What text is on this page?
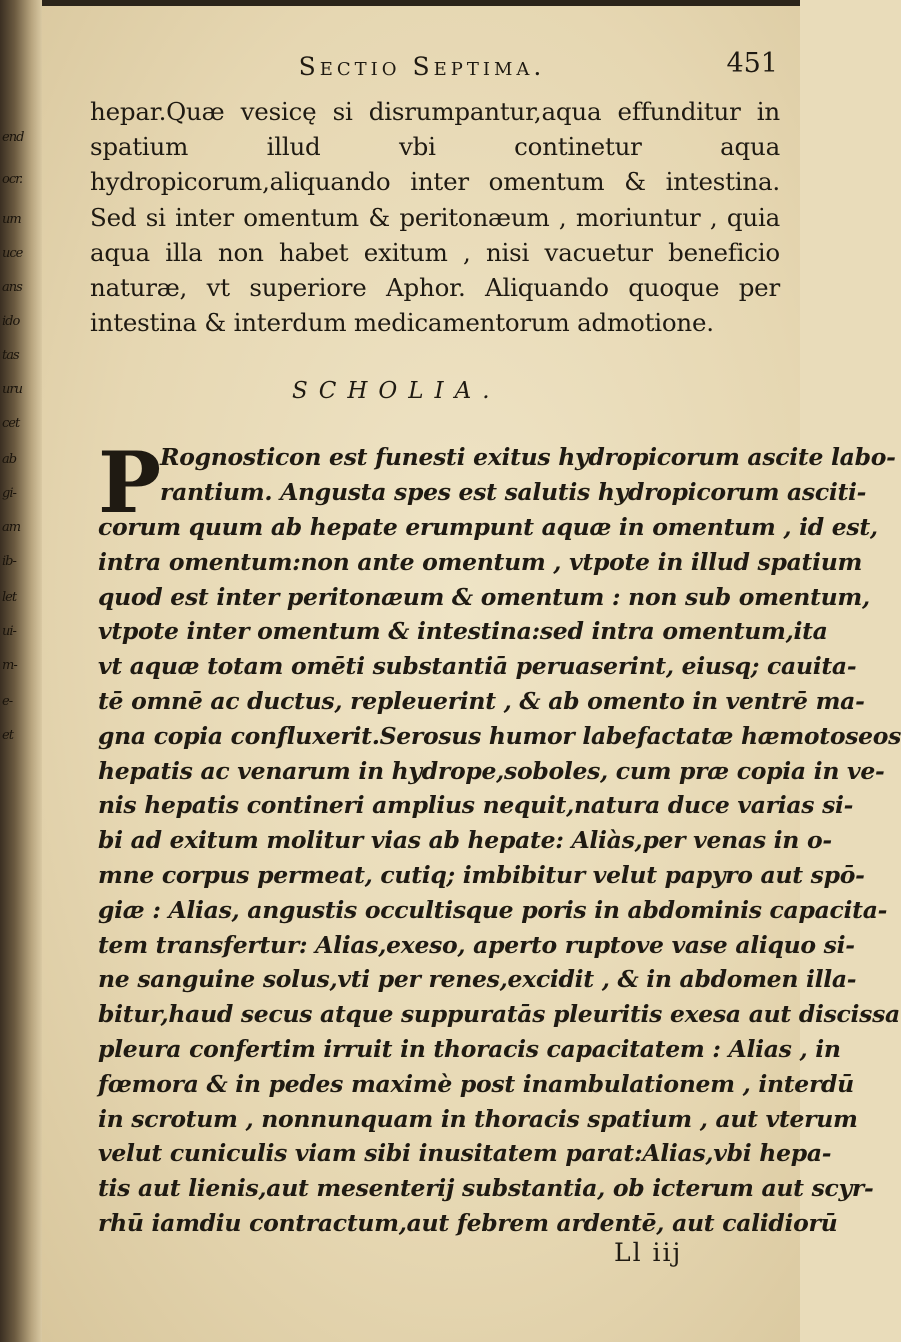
end
ocr.
um
uce
ans
ido
tas
uru
cet
ab
gi-
am
ib-
let
ui-
m-
e-
et
Sectio Septima.	451
hepar.Quæ vesicę si disrumpantur,aqua effunditur in spatium illud vbi continetur aqua hydropicorum,aliquando inter omentum & intestina. Sed si inter omentum & peritonæum , moriuntur , quia aqua illa non habet exitum , nisi vacuetur beneficio naturæ, vt superiore Aphor. Aliquando quoque per intestina & interdum medicamentorum admotione.
SCHOLIA.
P
Rognosticon est funesti exitus hydropicorum ascite labo-
rantium. Angusta spes est salutis hydropicorum asciti-
corum quum ab hepate erumpunt aquæ in omentum , id est,
intra omentum:non ante omentum , vtpote in illud spatium
quod est inter peritonæum & omentum : non sub omentum,
vtpote inter omentum & intestina:sed intra omentum,ita
vt aquæ totam omēti substantiā peruaserint, eiusq; cauita-
tē omnē ac ductus, repleuerint , & ab omento in ventrē ma-
gna copia confluxerit.Serosus humor labefactatæ hæmotoseos
hepatis ac venarum in hydrope,soboles, cum præ copia in ve-
nis hepatis contineri amplius nequit,natura duce varias si-
bi ad exitum molitur vias ab hepate: Aliàs,per venas in o-
mne corpus permeat, cutiq; imbibitur velut papyro aut spō-
giæ : Alias, angustis occultisque poris in abdominis capacita-
tem transfertur: Alias,exeso, aperto ruptove vase aliquo si-
ne sanguine solus,vti per renes,excidit , & in abdomen illa-
bitur,haud secus atque suppuratās pleuritis exesa aut discissa
pleura confertim irruit in thoracis capacitatem : Alias , in
fœmora & in pedes maximè post inambulationem , interdū
in scrotum , nonnunquam in thoracis spatium , aut vterum
velut cuniculis viam sibi inusitatem parat:Alias,vbi hepa-
tis aut lienis,aut mesenterij substantia, ob icterum aut scyr-
rhū iamdiu contractum,aut febrem ardentē, aut calidiorū
Ll iij
